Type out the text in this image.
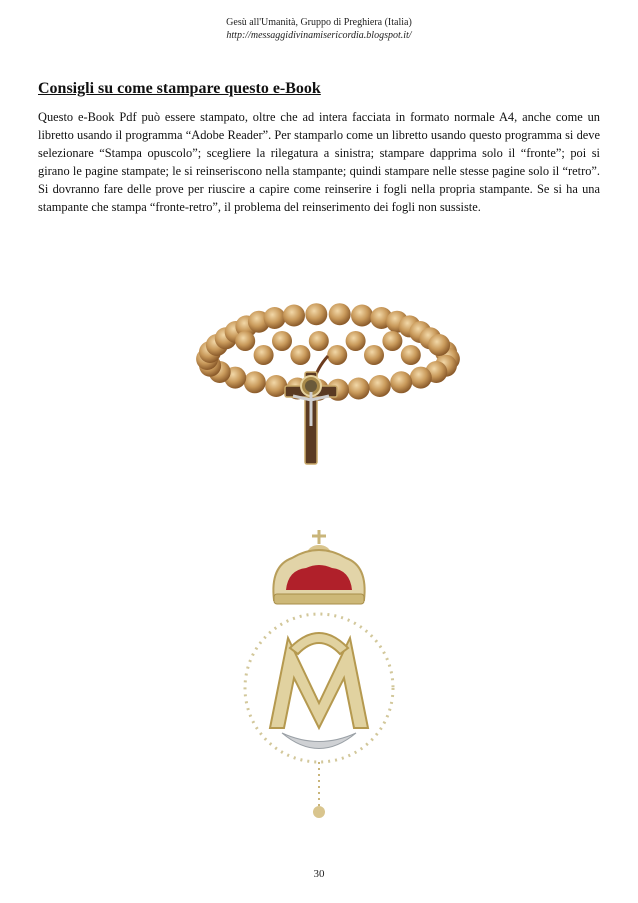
Gesù all'Umanità, Gruppo di Preghiera (Italia)
http://messaggidivinamisericordia.blogspot.it/
Consigli su come stampare questo e-Book

Questo e-Book Pdf può essere stampato, oltre che ad intera facciata in formato normale A4, anche come un libretto usando il programma “Adobe Reader”. Per stamparlo come un libretto usando questo programma si deve selezionare “Stampa opuscolo”; scegliere la rilegatura a sinistra; stampare dapprima solo il “fronte”; poi si girano le pagine stampate; le si reinseriscono nella stampante; quindi stampare nelle stesse pagine solo il “retro”. Si dovranno fare delle prove per riuscire a capire come reinserire i fogli nella propria stampante. Se si ha una stampante che stampa “fronte-retro”, il problema del reinserimento dei fogli non sussiste.

30
